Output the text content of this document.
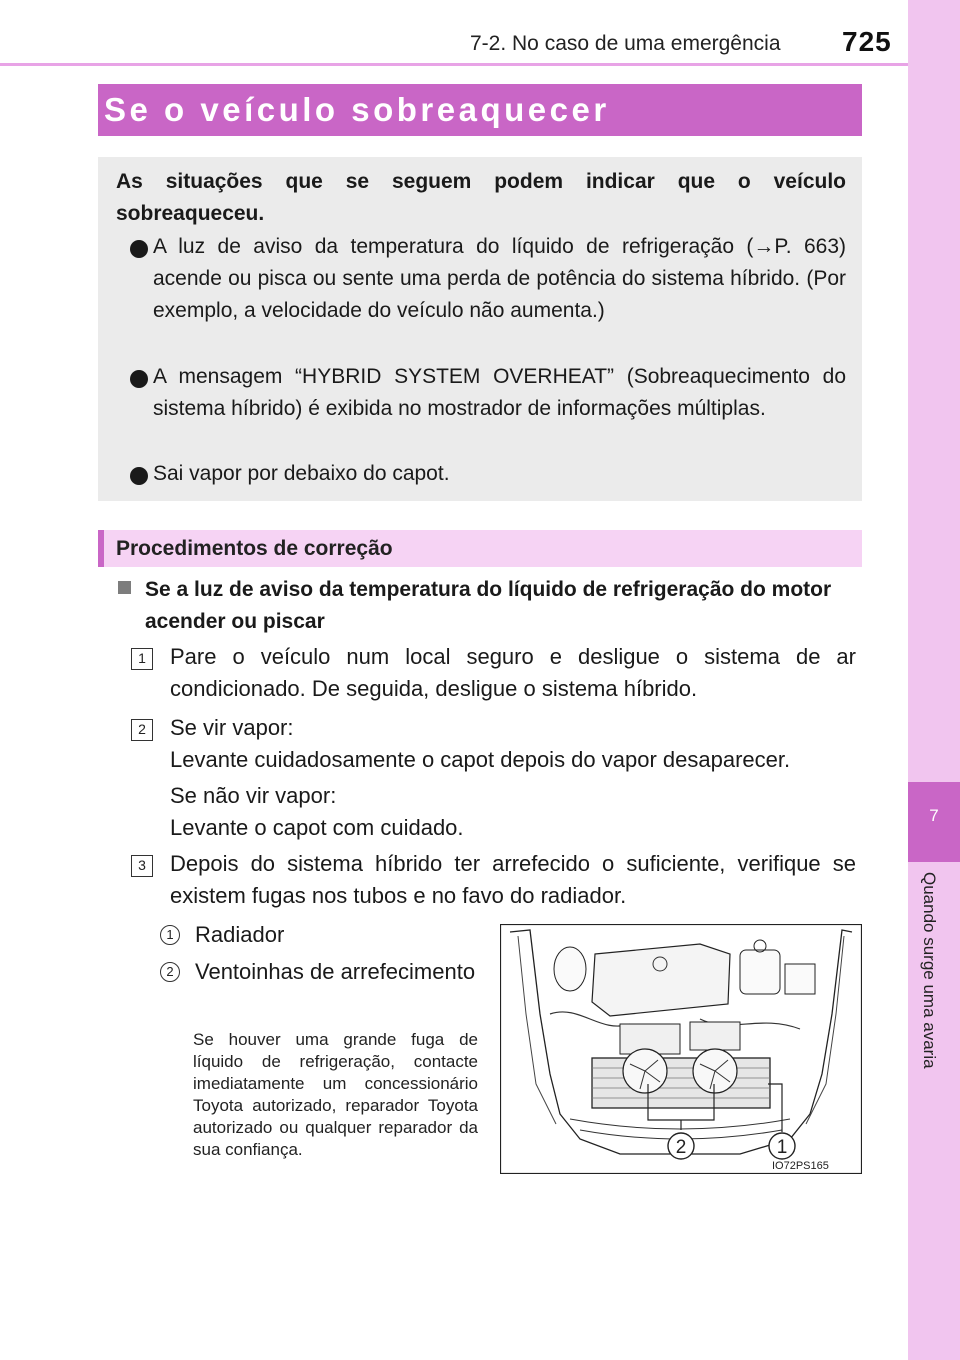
7-2. No caso de uma emergência 725
7
Quando surge uma avaria
Se o veículo sobreaquecer
As situações que se seguem podem indicar que o veículo sobreaqueceu.
A luz de aviso da temperatura do líquido de refrigeração (→P. 663) acende ou pisca ou sente uma perda de potência do sistema híbrido. (Por exemplo, a velocidade do veículo não aumenta.)
A mensagem “HYBRID SYSTEM OVERHEAT” (Sobreaquecimento do sistema híbrido) é exibida no mostrador de informações múltiplas.
Sai vapor por debaixo do capot.
Procedimentos de correção
Se a luz de aviso da temperatura do líquido de refrigeração do motor acender ou piscar
1	Pare o veículo num local seguro e desligue o sistema de ar condicionado. De seguida, desligue o sistema híbrido.
2	Se vir vapor:
Levante cuidadosamente o capot depois do vapor desaparecer.
Se não vir vapor:
Levante o capot com cuidado.
3	Depois do sistema híbrido ter arrefecido o suficiente, verifique se existem fugas nos tubos e no favo do radiador.
1 Radiador
2 Ventoinhas de arrefecimento
Se houver uma grande fuga de líquido de refrigeração, contacte imediatamente um concessionário Toyota autorizado, reparador Toyota autorizado ou qualquer reparador da sua confiança.	2	1
IO72PS165
